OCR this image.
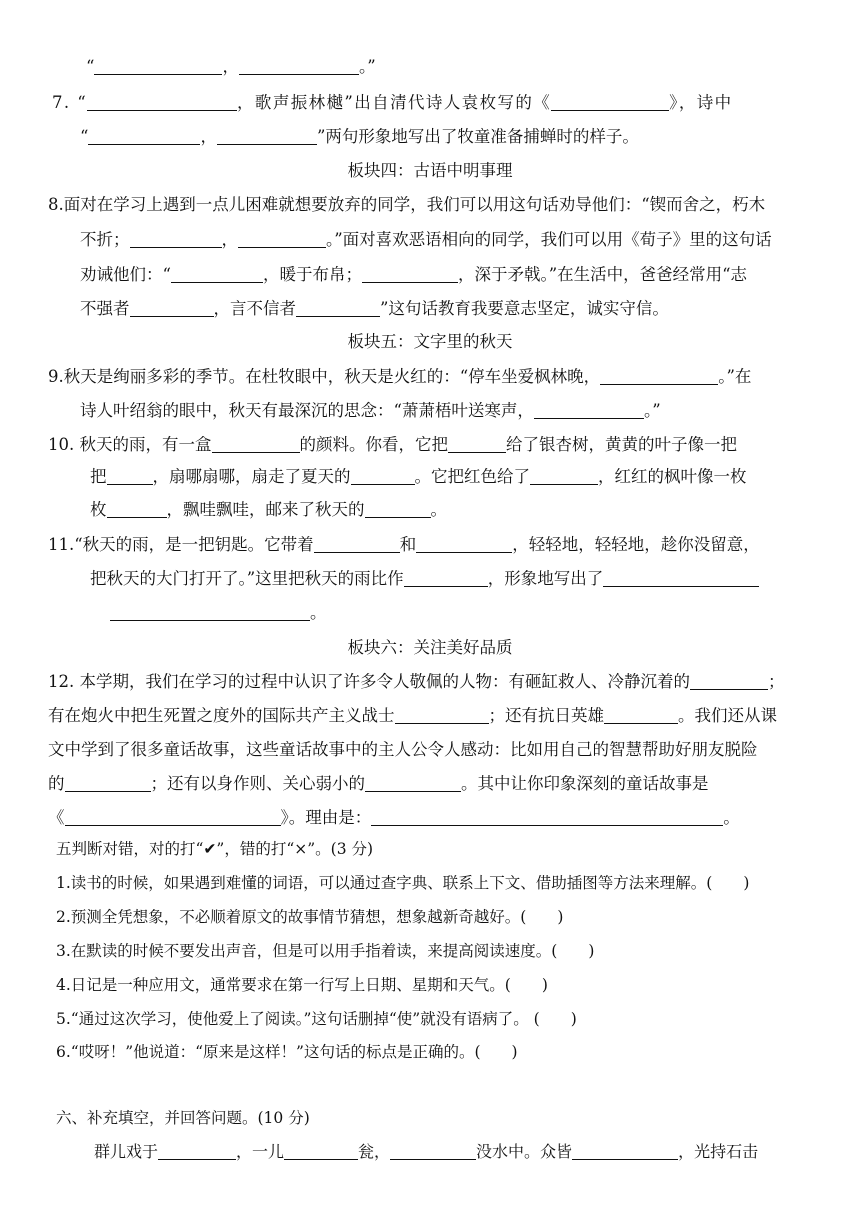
“	，	。”
7. “	，歌声振林樾”出自清代诗人袁枚写的《	》，诗中
“	，	”两句形象地写出了牧童准备捕蝉时的样子。
板块四：古语中明事理
8.面对在学习上遇到一点儿困难就想要放弃的同学，我们可以用这句话劝导他们：“锲而舍之，朽木
不折；	，	。”面对喜欢恶语相向的同学，我们可以用《荀子》里的这句话
劝诫他们：“	，暖于布帛；	，深于矛戟。”在生活中，爸爸经常用“志
不强者	，言不信者	”这句话教育我要意志坚定，诚实守信。
板块五：文字里的秋天
9.秋天是绚丽多彩的季节。在杜牧眼中，秋天是火红的：“停车坐爱枫林晚，	。”在
诗人叶绍翁的眼中，秋天有最深沉的思念：“萧萧梧叶送寒声，	。”
10. 秋天的雨，有一盒	的颜料。你看，它把	给了银杏树，黄黄的叶子像一把
把	，扇哪扇哪，扇走了夏天的	。它把红色给了	，红红的枫叶像一枚
枚	，飘哇飘哇，邮来了秋天的	。
11.“秋天的雨，是一把钥匙。它带着	和	，轻轻地，轻轻地，趁你没留意，
把秋天的大门打开了。”这里把秋天的雨比作	，形象地写出了
。
板块六：关注美好品质
12. 本学期，我们在学习的过程中认识了许多令人敬佩的人物：有砸缸救人、冷静沉着的	；
有在炮火中把生死置之度外的国际共产主义战士	；还有抗日英雄	。我们还从课
文中学到了很多童话故事，这些童话故事中的主人公令人感动：比如用自己的智慧帮助好朋友脱险
的	；还有以身作则、关心弱小的	。其中让你印象深刻的童话故事是
《	》。理由是：	。
五判断对错，对的打“✔”，错的打“×”。(3 分)
1.读书的时候，如果遇到难懂的词语，可以通过查字典、联系上下文、借助插图等方法来理解。(　　)
2.预测全凭想象，不必顺着原文的故事情节猜想，想象越新奇越好。(　　)
3.在默读的时候不要发出声音，但是可以用手指着读，来提高阅读速度。(　　)
4.日记是一种应用文，通常要求在第一行写上日期、星期和天气。(　　)
5.“通过这次学习，使他爱上了阅读。”这句话删掉“使”就没有语病了。 (　　)
6.“哎呀！”他说道：“原来是这样！”这句话的标点是正确的。(　　)
六、补充填空，并回答问题。(10 分)
群儿戏于	，一儿	瓮，	没水中。众皆	，光持石击
